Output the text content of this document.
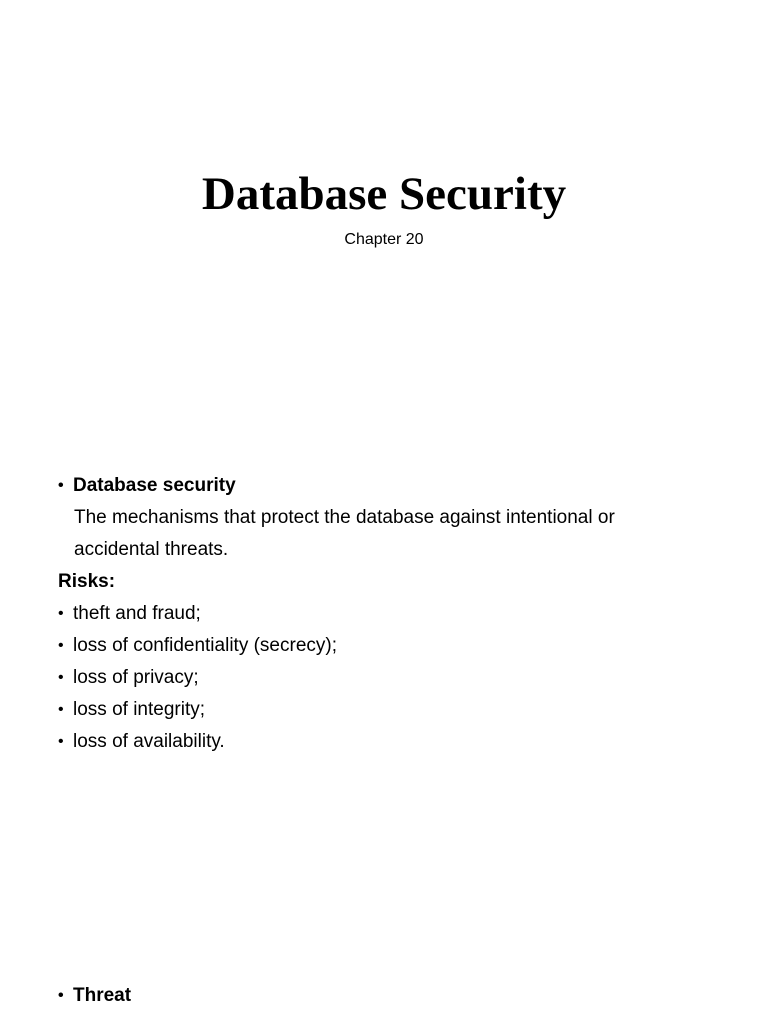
Database Security
Chapter 20
• Database security
The mechanisms that protect the database against intentional or
accidental threats.
Risks:
• theft and fraud;
• loss of confidentiality (secrecy);
• loss of privacy;
• loss of integrity;
• loss of availability.
• Threat
